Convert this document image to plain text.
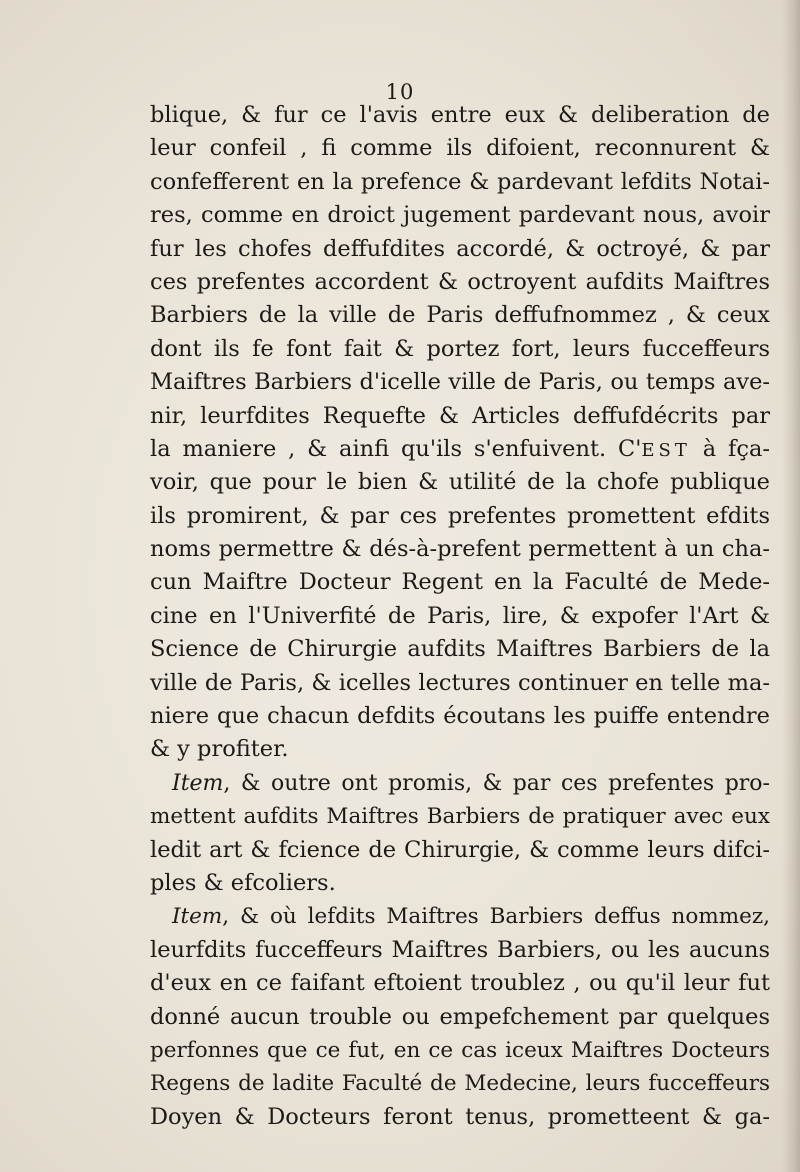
10
blique, & fur ce l'avis entre eux & deliberation de
leur confeil , fi comme ils difoient, reconnurent &
confefferent en la prefence & pardevant lefdits Notai-
res, comme en droict jugement pardevant nous, avoir
fur les chofes deffufdites accordé, & octroyé, & par
ces prefentes accordent & octroyent aufdits Maiftres
Barbiers de la ville de Paris deffufnommez , & ceux
dont ils fe font fait & portez fort, leurs fucceffeurs
Maiftres Barbiers d'icelle ville de Paris, ou temps ave-
nir, leurfdites Requefte & Articles deffufdécrits par
la maniere , & ainfi qu'ils s'enfuivent. C'EST à fça-
voir, que pour le bien & utilité de la chofe publique
ils promirent, & par ces prefentes promettent efdits
noms permettre & dés-à-prefent permettent à un cha-
cun Maiftre Docteur Regent en la Faculté de Mede-
cine en l'Univerfité de Paris, lire, & expofer l'Art &
Science de Chirurgie aufdits Maiftres Barbiers de la
ville de Paris, & icelles lectures continuer en telle ma-
niere que chacun defdits écoutans les puiffe entendre
& y profiter.
Item, & outre ont promis, & par ces prefentes pro-
mettent aufdits Maiftres Barbiers de pratiquer avec eux
ledit art & fcience de Chirurgie, & comme leurs difci-
ples & efcoliers.
Item, & où lefdits Maiftres Barbiers deffus nommez,
leurfdits fucceffeurs Maiftres Barbiers, ou les aucuns
d'eux en ce faifant eftoient troublez , ou qu'il leur fut
donné aucun trouble ou empefchement par quelques
perfonnes que ce fut, en ce cas iceux Maiftres Docteurs
Regens de ladite Faculté de Medecine, leurs fucceffeurs
Doyen & Docteurs feront tenus, prometteent & ga-
